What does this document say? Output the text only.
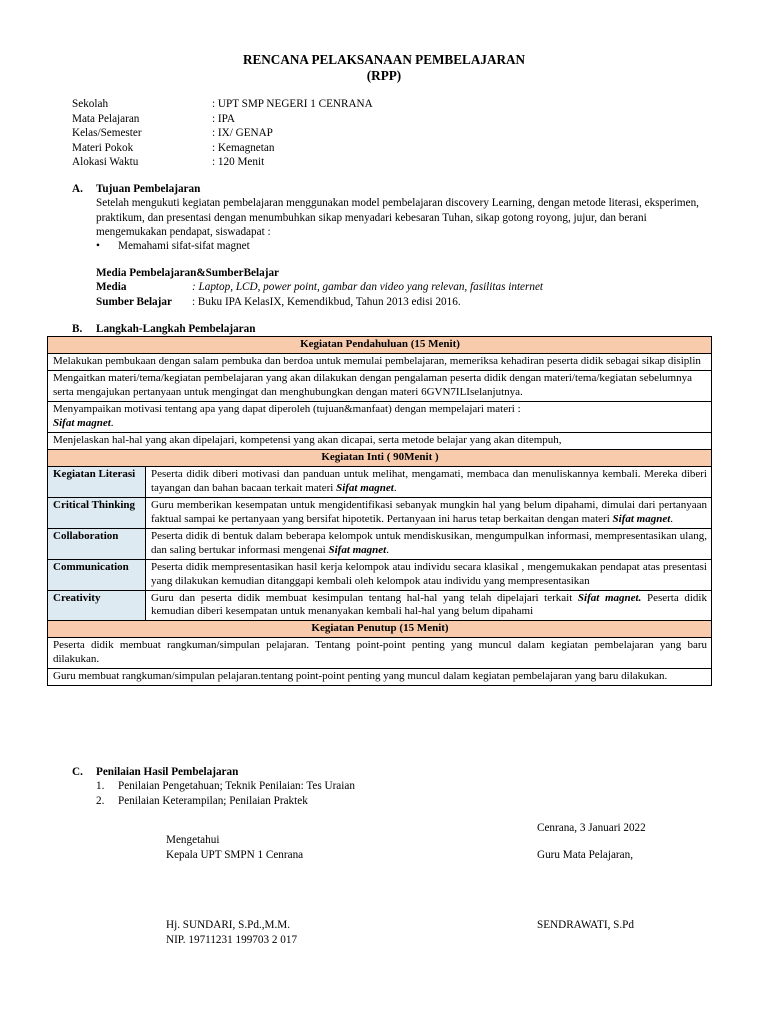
RENCANA PELAKSANAAN PEMBELAJARAN
(RPP)
Sekolah	: UPT SMP NEGERI 1 CENRANA
Mata Pelajaran	: IPA
Kelas/Semester	: IX/ GENAP
Materi Pokok	: Kemagnetan
Alokasi Waktu	: 120 Menit
A.	Tujuan Pembelajaran
Setelah mengukuti kegiatan pembelajaran menggunakan model pembelajaran discovery Learning, dengan metode literasi, eksperimen, praktikum, dan presentasi dengan menumbuhkan sikap menyadari kebesaran Tuhan, sikap gotong royong, jujur, dan berani mengemukakan pendapat, siswadapat :
•	Memahami sifat-sifat magnet
Media Pembelajaran&SumberBelajar
Media	: Laptop, LCD, power point, gambar dan video yang relevan, fasilitas internet
Sumber Belajar	: Buku IPA KelasIX, Kemendikbud, Tahun 2013 edisi 2016.
B.	Langkah-Langkah Pembelajaran
Kegiatan Pendahuluan (15 Menit)	
Melakukan pembukaan dengan salam pembuka dan berdoa untuk memulai pembelajaran, memeriksa kehadiran peserta didik sebagai sikap disiplin	
Mengaitkan materi/tema/kegiatan pembelajaran yang akan dilakukan dengan pengalaman peserta didik dengan materi/tema/kegiatan sebelumnya serta mengajukan pertanyaan untuk mengingat dan menghubungkan dengan materi 6GVN7ILIselanjutnya.	
Menyampaikan motivasi tentang apa yang dapat diperoleh (tujuan&manfaat) dengan mempelajari materi :
Sifat magnet.	
Menjelaskan hal-hal yang akan dipelajari, kompetensi yang akan dicapai, serta metode belajar yang akan ditempuh,	
Kegiatan Inti ( 90Menit )	
Kegiatan Literasi	Peserta didik diberi motivasi dan panduan untuk melihat, mengamati, membaca dan menuliskannya kembali. Mereka diberi tayangan dan bahan bacaan terkait materi Sifat magnet.
Critical Thinking	Guru memberikan kesempatan untuk mengidentifikasi sebanyak mungkin hal yang belum dipahami, dimulai dari pertanyaan faktual sampai ke pertanyaan yang bersifat hipotetik. Pertanyaan ini harus tetap berkaitan dengan materi Sifat magnet.
Collaboration	Peserta didik di bentuk dalam beberapa kelompok untuk mendiskusikan, mengumpulkan informasi, mempresentasikan ulang, dan saling bertukar informasi mengenai Sifat magnet.
Communication	Peserta didik mempresentasikan hasil kerja kelompok atau individu secara klasikal , mengemukakan pendapat atas presentasi yang dilakukan kemudian ditanggapi kembali oleh kelompok atau individu yang mempresentasikan
Creativity	Guru dan peserta didik membuat kesimpulan tentang hal-hal yang telah dipelajari terkait Sifat magnet. Peserta didik kemudian diberi kesempatan untuk menanyakan kembali hal-hal yang belum dipahami
Kegiatan Penutup (15 Menit)	
Peserta didik membuat rangkuman/simpulan pelajaran. Tentang point-point penting yang muncul dalam kegiatan pembelajaran yang baru dilakukan.	
Guru membuat rangkuman/simpulan pelajaran.tentang point-point penting yang muncul dalam kegiatan pembelajaran yang baru dilakukan.	
C.	Penilaian Hasil Pembelajaran
1.	Penilaian Pengetahuan; Teknik Penilaian: Tes Uraian
2.	Penilaian Keterampilan; Penilaian Praktek
Cenrana, 3 Januari 2022
Mengetahui
Kepala UPT SMPN 1 Cenrana	Guru Mata Pelajaran,
Hj. SUNDARI, S.Pd.,M.M.
NIP. 19711231 199703 2 017
SENDRAWATI, S.Pd
